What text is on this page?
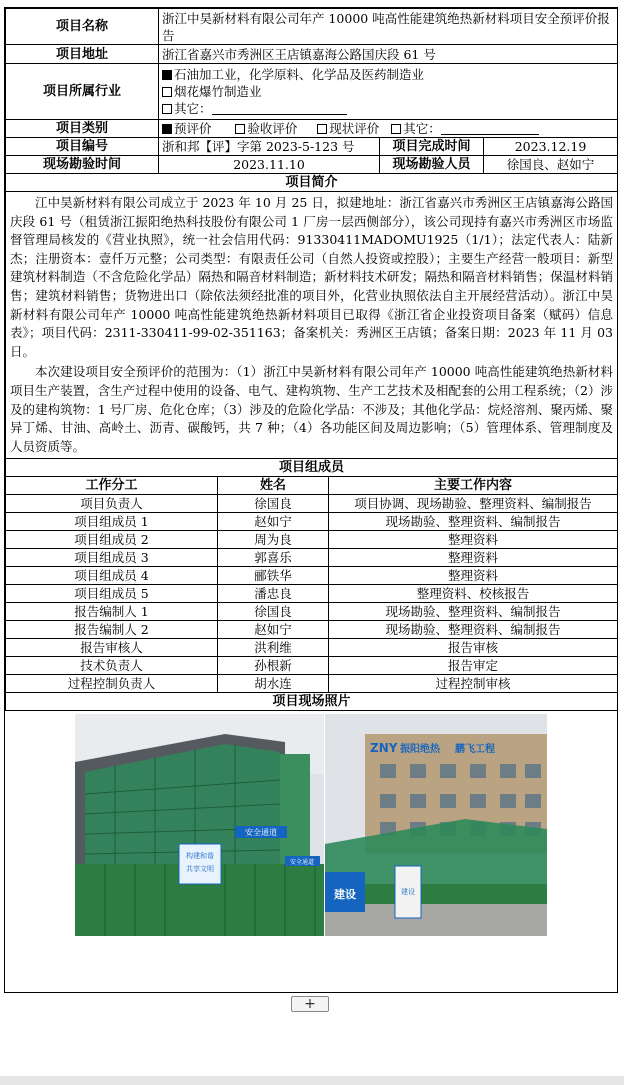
项目名称	浙江中昊新材料有限公司年产 10000 吨高性能建筑绝热新材料项目安全预评价报告		
项目地址	浙江省嘉兴市秀洲区王店镇嘉海公路国庆段 61 号		
项目所属行业	石油加工业，化学原料、化学品及医药制造业
烟花爆竹制造业
其它：		

项目类别	预评价 验收评价 现状评价 其它：		
项目编号	浙和邦【评】字第 2023-5-123 号	项目完成时间	2023.12.19
现场勘验时间	2023.11.10	现场勘验人员	徐国良、赵如宁
项目简介			

江中昊新材料有限公司成立于 2023 年 10 月 25 日，拟建地址：浙江省嘉兴市秀洲区王店镇嘉海公路国庆段 61 号（租赁浙江振阳绝热科技股份有限公司 1 厂房一层西侧部分），该公司现持有嘉兴市秀洲区市场监督管理局核发的《营业执照》，统一社会信用代码：91330411MADOMU1925（1/1）；法定代表人：陆新杰；注册资本：壹仟万元整；公司类型：有限责任公司（自然人投资或控股）；主要生产经营一般项目：新型建筑材料制造（不含危险化学品）隔热和隔音材料制造；新材料技术研发；隔热和隔音材料销售；保温材料销售；建筑材料销售；货物进出口（除依法须经批准的项目外，化营业执照依法自主开展经营活动）。浙江中昊新材料有限公司年产 10000 吨高性能建筑绝热新材料项目已取得《浙江省企业投资项目备案（赋码）信息表》；项目代码：2311-330411-99-02-351163；备案机关：秀洲区王店镇；备案日期：2023 年 11 月 03 日。

本次建设项目安全预评价的范围为：（1）浙江中昊新材料有限公司年产 10000 吨高性能建筑绝热新材料项目生产装置，含生产过程中使用的设备、电气、建构筑物、生产工艺技术及相配套的公用工程系统；（2）涉及的建构筑物：1 号厂房、危化仓库；（3）涉及的危险化学品：不涉及；其他化学品：烷烃溶剂、聚丙烯、聚异丁烯、甘油、高岭土、沥青、碳酸钙，共 7 种；（4）各功能区间及周边影响；（5）管理体系、管理制度及人员资质等。			

项目组成员			
工作分工	姓名	主要工作内容
项目负责人	徐国良	项目协调、现场勘验、整理资料、编制报告
项目组成员 1	赵如宁	现场勘验、整理资料、编制报告
项目组成员 2	周为良	整理资料
项目组成员 3	郭喜乐	整理资料
项目组成员 4	郦铁华	整理资料
项目组成员 5	潘忠良	整理资料、校核报告
报告编制人 1	徐国良	现场勘验、整理资料、编制报告
报告编制人 2	赵如宁	现场勘验、整理资料、编制报告
报告审核人	洪利维	报告审核
技术负责人	孙根新	报告审定
过程控制负责人	胡水连	过程控制审核
项目现场照片		
安全通道
构建和谐
共享文明
安全通道
ZNY 振阳绝热 鹏飞工程
建设	建设
+
